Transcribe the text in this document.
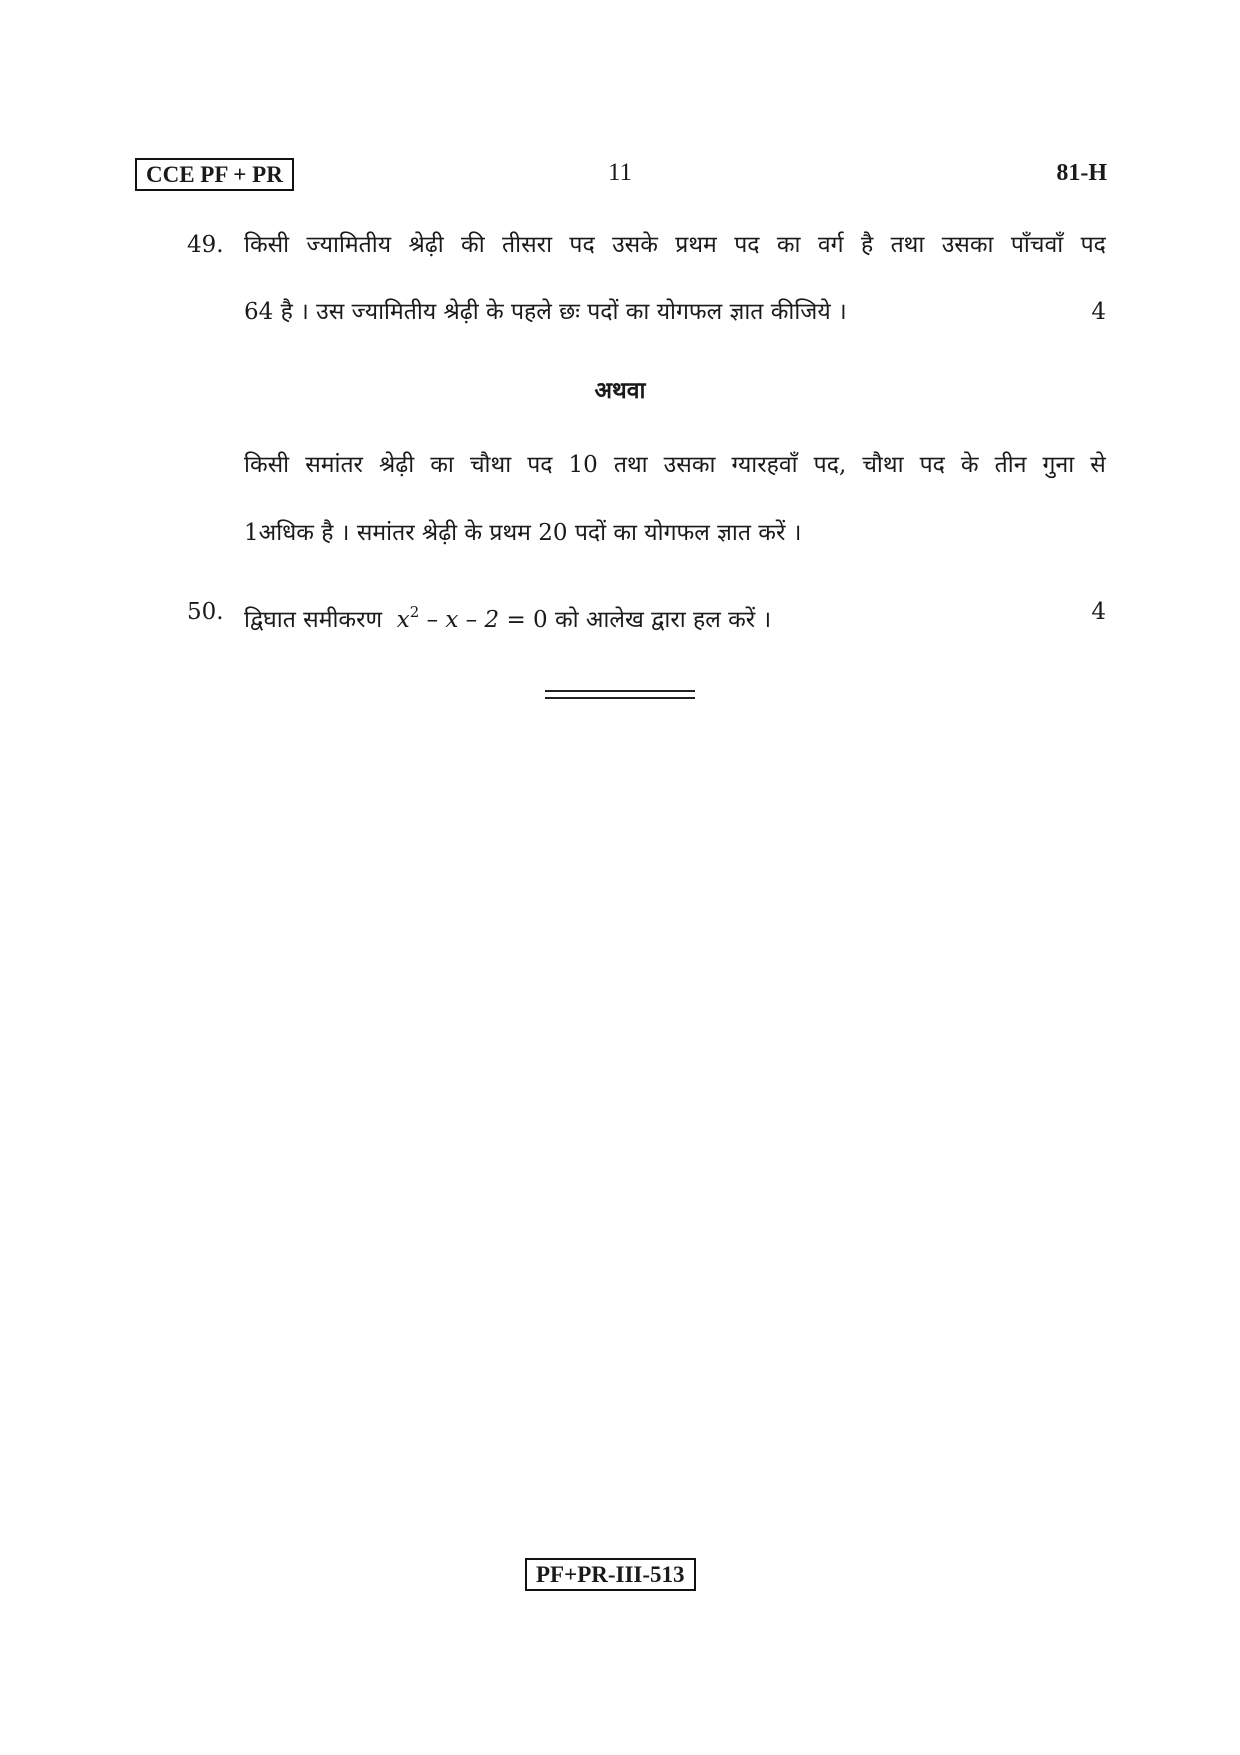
CCE PF + PR	11	81-H
49. किसी ज्यामितीय श्रेढ़ी की तीसरा पद उसके प्रथम पद का वर्ग है तथा उसका पाँचवाँ पद
64 है । उस ज्यामितीय श्रेढ़ी के पहले छः पदों का योगफल ज्ञात कीजिये ।	4
अथवा
किसी समांतर श्रेढ़ी का चौथा पद 10 तथा उसका ग्यारहवाँ पद, चौथा पद के तीन गुना से
1अधिक है । समांतर श्रेढ़ी के प्रथम 20 पदों का योगफल ज्ञात करें ।
50. द्विघात समीकरण $x^2 - x - 2 = 0$ को आलेख द्वारा हल करें ।	4
PF+PR-III-513
